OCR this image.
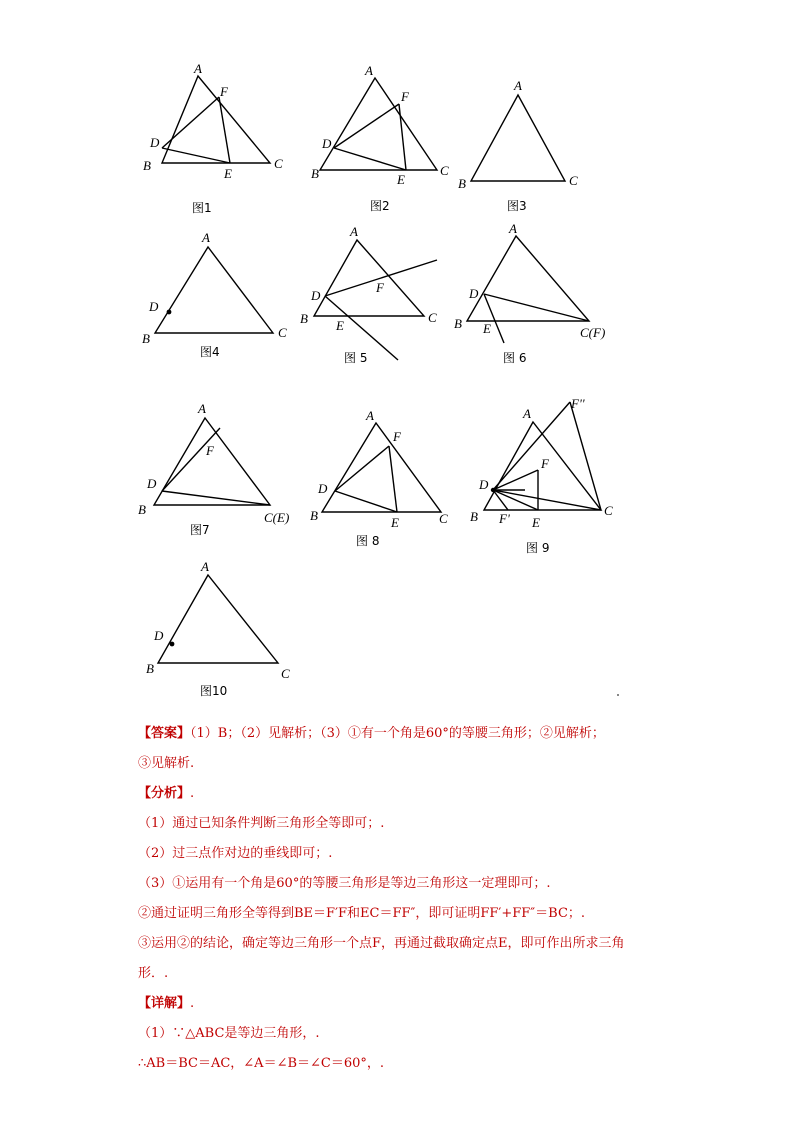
A
F
D
B
E
C
图1
A
F
D
B	E
C
图2
A
B	C
图3
A
D
B	C
图4
A
F
D
B E
C
图 5
A
D
B E	C(F)
图 6
A
F
D
B
C(E)
图7
A
F
D
B	E	C
图 8
A
F''
F
D
B F' E
C
图 9
A
D
B	C
图10
【答案】（1）B；（2）见解析；（3）①有一个角是60°的等腰三角形；②见解析；
③见解析.
【分析】.
（1）通过已知条件判断三角形全等即可；.
（2）过三点作对边的垂线即可；.
（3）①运用有一个角是60°的等腰三角形是等边三角形这一定理即可；.
②通过证明三角形全等得到BE＝F′F和EC＝FF″，即可证明FF′+FF″＝BC；.
③运用②的结论，确定等边三角形一个点F，再通过截取确定点E，即可作出所求三角
形．.
【详解】.
（1）∵△ABC是等边三角形，.
∴AB＝BC＝AC，∠A＝∠B＝∠C＝60°，.
